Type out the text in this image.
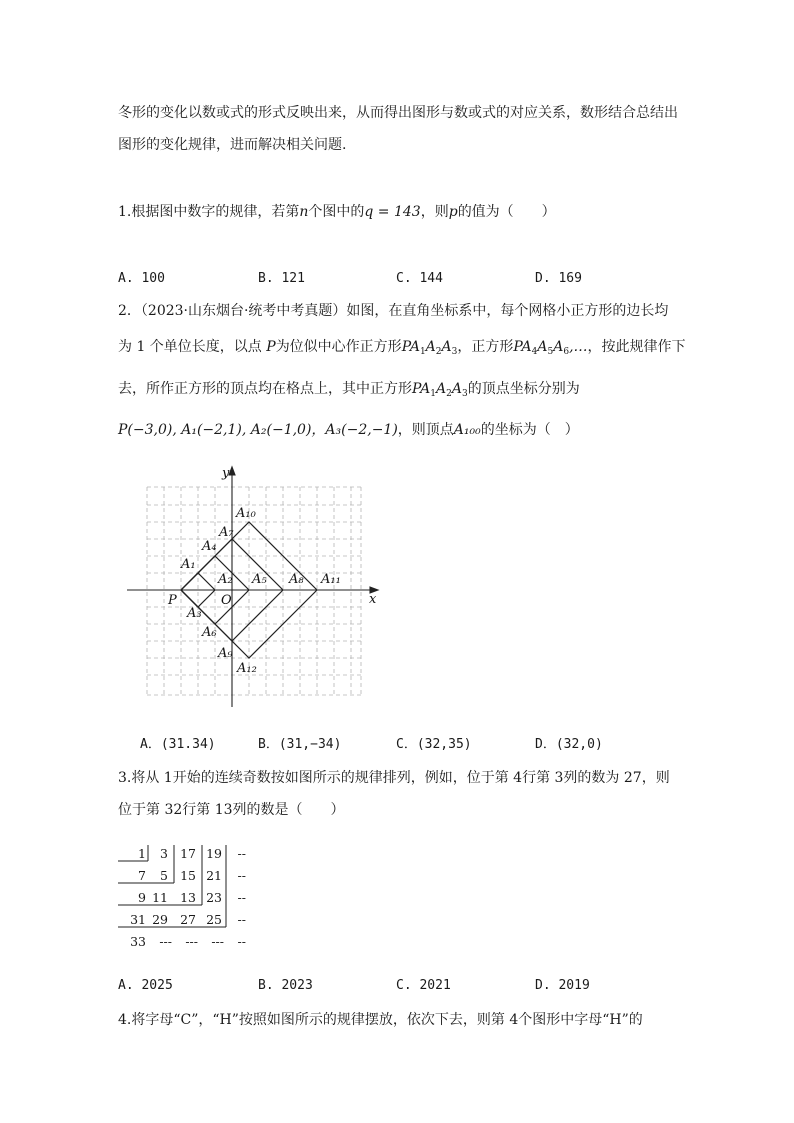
冬形的变化以数或式的形式反映出来，从而得出图形与数或式的对应关系，数形结合总结出
图形的变化规律，进而解决相关问题.
1.根据图中数字的规律，若第n个图中的q = 143，则p的值为（　　）
A. 100	B. 121	C. 144	D. 169
2．（2023·山东烟台·统考中考真题）如图，在直角坐标系中，每个网格小正方形的边长均
为 1 个单位长度，以点 P为位似中心作正方形$PA_1A_2A_3$，正方形$PA_4A_5A_6,\dots$，按此规律作下
去，所作正方形的顶点均在格点上，其中正方形$PA_1A_2A_3$的顶点坐标分别为
P(−3,0), A₁(−2,1), A₂(−1,0)，A₃(−2,−1)，则顶点A₁₀₀的坐标为（　）
x
y
O
P
A₁
A₂
A₃
A₄
A₅
A₆
A₇
A₈
A₉
A₁₀
A₁₁
A₁₂
A．(31.34)	B．(31,−34)	C．(32,35)	D．(32,0)
3.将从 1开始的连续奇数按如图所示的规律排列，例如，位于第 4行第 3列的数为 27，则
位于第 32行第 13列的数是（　　）
1	3 17 19	--
7	5 15 21	--
9 11 13 23	--
31 29 27 25	--
33	---	---	---	--
A. 2025	B. 2023	C. 2021	D. 2019
4.将字母“C”，“H”按照如图所示的规律摆放，依次下去，则第 4个图形中字母“H”的
